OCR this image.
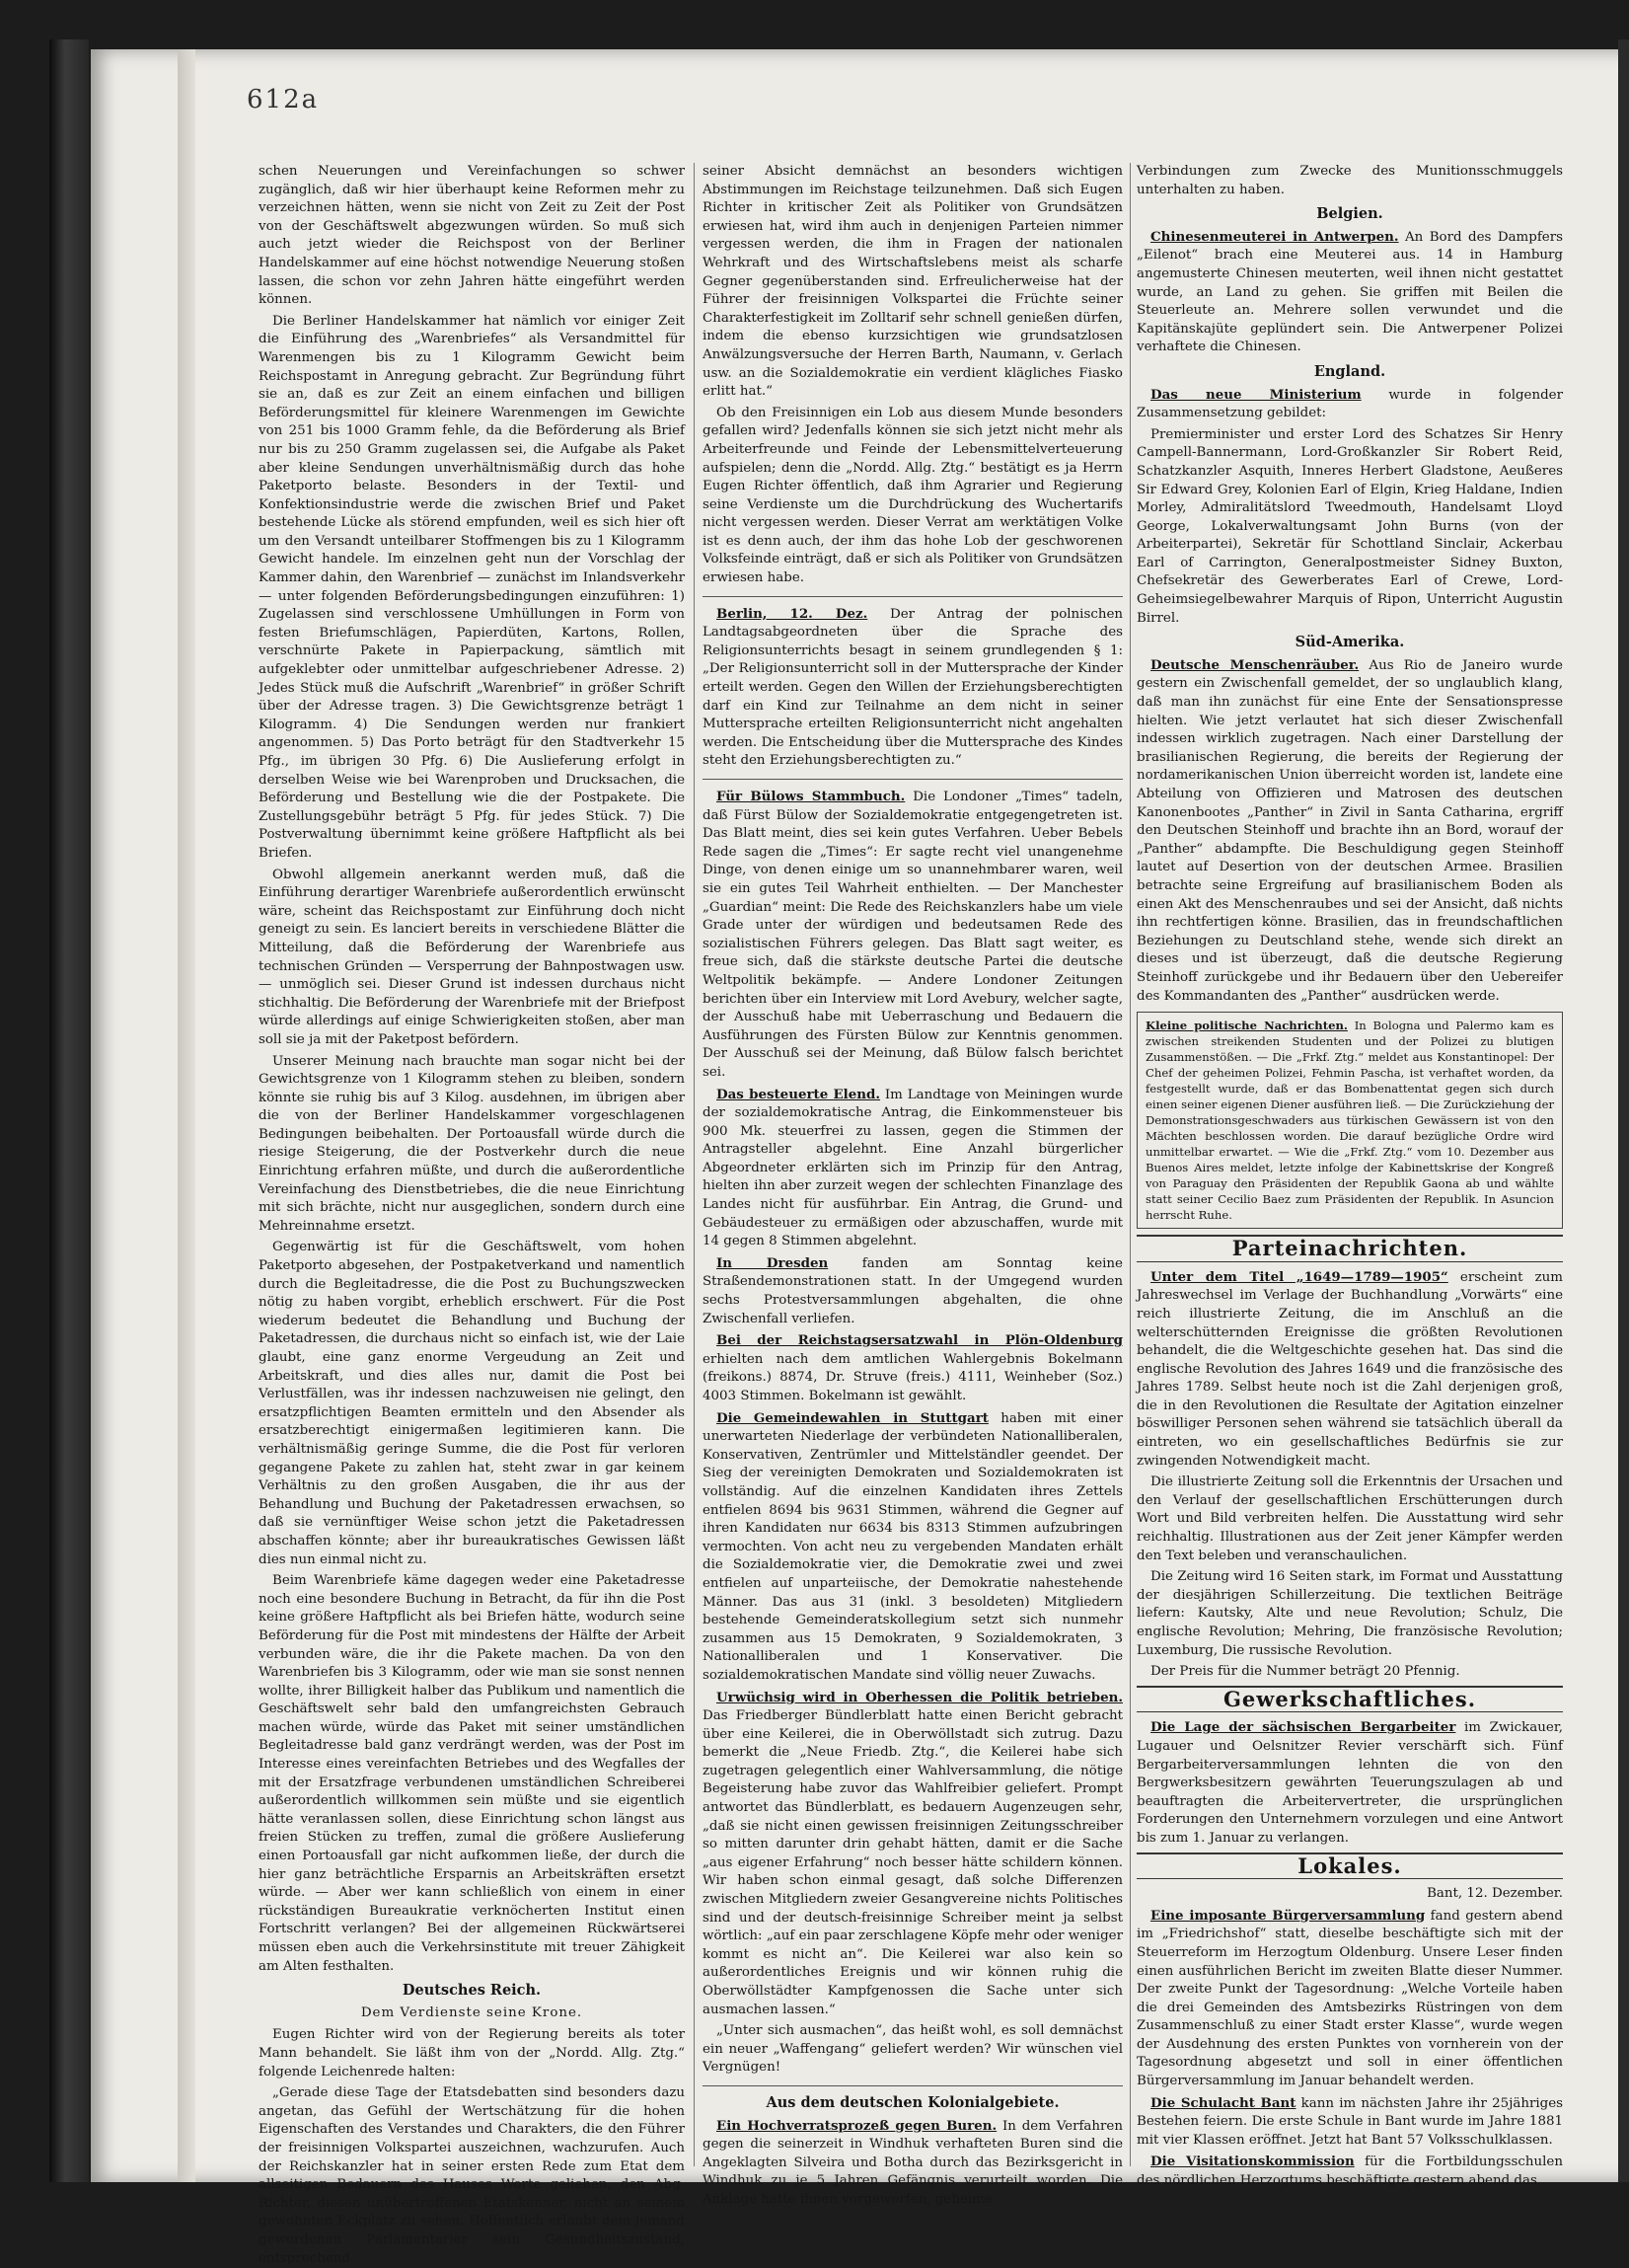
612a

schen Neuerungen und Vereinfachungen so schwer zugänglich, daß wir hier überhaupt keine Reformen mehr zu verzeichnen hätten, wenn sie nicht von Zeit zu Zeit der Post von der Geschäftswelt abgezwungen würden. So muß sich auch jetzt wieder die Reichspost von der Berliner Handelskammer auf eine höchst notwendige Neuerung stoßen lassen, die schon vor zehn Jahren hätte eingeführt werden können.

Die Berliner Handelskammer hat nämlich vor einiger Zeit die Einführung des „Warenbriefes“ als Versandmittel für Warenmengen bis zu 1 Kilogramm Gewicht beim Reichspostamt in Anregung gebracht. Zur Begründung führt sie an, daß es zur Zeit an einem einfachen und billigen Beförderungsmittel für kleinere Warenmengen im Gewichte von 251 bis 1000 Gramm fehle, da die Beförderung als Brief nur bis zu 250 Gramm zugelassen sei, die Aufgabe als Paket aber kleine Sendungen unverhältnismäßig durch das hohe Paketporto belaste. Besonders in der Textil- und Konfektionsindustrie werde die zwischen Brief und Paket bestehende Lücke als störend empfunden, weil es sich hier oft um den Versandt unteilbarer Stoffmengen bis zu 1 Kilogramm Gewicht handele. Im einzelnen geht nun der Vorschlag der Kammer dahin, den Warenbrief — zunächst im Inlandsverkehr — unter folgenden Beförderungsbedingungen einzuführen: 1) Zugelassen sind verschlossene Umhüllungen in Form von festen Briefumschlägen, Papierdüten, Kartons, Rollen, verschnürte Pakete in Papierpackung, sämtlich mit aufgeklebter oder unmittelbar aufgeschriebener Adresse. 2) Jedes Stück muß die Aufschrift „Warenbrief“ in größer Schrift über der Adresse tragen. 3) Die Gewichtsgrenze beträgt 1 Kilogramm. 4) Die Sendungen werden nur frankiert angenommen. 5) Das Porto beträgt für den Stadtverkehr 15 Pfg., im übrigen 30 Pfg. 6) Die Auslieferung erfolgt in derselben Weise wie bei Warenproben und Drucksachen, die Beförderung und Bestellung wie die der Postpakete. Die Zustellungsgebühr beträgt 5 Pfg. für jedes Stück. 7) Die Postverwaltung übernimmt keine größere Haftpflicht als bei Briefen.

Obwohl allgemein anerkannt werden muß, daß die Einführung derartiger Warenbriefe außerordentlich erwünscht wäre, scheint das Reichspostamt zur Einführung doch nicht geneigt zu sein. Es lanciert bereits in verschiedene Blätter die Mitteilung, daß die Beförderung der Warenbriefe aus technischen Gründen — Versperrung der Bahnpostwagen usw. — unmöglich sei. Dieser Grund ist indessen durchaus nicht stichhaltig. Die Beförderung der Warenbriefe mit der Briefpost würde allerdings auf einige Schwierigkeiten stoßen, aber man soll sie ja mit der Paketpost befördern.

Unserer Meinung nach brauchte man sogar nicht bei der Gewichtsgrenze von 1 Kilogramm stehen zu bleiben, sondern könnte sie ruhig bis auf 3 Kilog. ausdehnen, im übrigen aber die von der Berliner Handelskammer vorgeschlagenen Bedingungen beibehalten. Der Portoausfall würde durch die riesige Steigerung, die der Postverkehr durch die neue Einrichtung erfahren müßte, und durch die außerordentliche Vereinfachung des Dienstbetriebes, die die neue Einrichtung mit sich brächte, nicht nur ausgeglichen, sondern durch eine Mehreinnahme ersetzt.

Gegenwärtig ist für die Geschäftswelt, vom hohen Paketporto abgesehen, der Postpaketverkand und namentlich durch die Begleitadresse, die die Post zu Buchungszwecken nötig zu haben vorgibt, erheblich erschwert. Für die Post wiederum bedeutet die Behandlung und Buchung der Paketadressen, die durchaus nicht so einfach ist, wie der Laie glaubt, eine ganz enorme Vergeudung an Zeit und Arbeitskraft, und dies alles nur, damit die Post bei Verlustfällen, was ihr indessen nachzuweisen nie gelingt, den ersatzpflichtigen Beamten ermitteln und den Absender als ersatzberechtigt einigermaßen legitimieren kann. Die verhältnismäßig geringe Summe, die die Post für verloren gegangene Pakete zu zahlen hat, steht zwar in gar keinem Verhältnis zu den großen Ausgaben, die ihr aus der Behandlung und Buchung der Paketadressen erwachsen, so daß sie vernünftiger Weise schon jetzt die Paketadressen abschaffen könnte; aber ihr bureaukratisches Gewissen läßt dies nun einmal nicht zu.

Beim Warenbriefe käme dagegen weder eine Paketadresse noch eine besondere Buchung in Betracht, da für ihn die Post keine größere Haftpflicht als bei Briefen hätte, wodurch seine Beförderung für die Post mit mindestens der Hälfte der Arbeit verbunden wäre, die ihr die Pakete machen. Da von den Warenbriefen bis 3 Kilogramm, oder wie man sie sonst nennen wollte, ihrer Billigkeit halber das Publikum und namentlich die Geschäftswelt sehr bald den umfangreichsten Gebrauch machen würde, würde das Paket mit seiner umständlichen Begleitadresse bald ganz verdrängt werden, was der Post im Interesse eines vereinfachten Betriebes und des Wegfalles der mit der Ersatzfrage verbundenen umständlichen Schreiberei außerordentlich willkommen sein müßte und sie eigentlich hätte veranlassen sollen, diese Einrichtung schon längst aus freien Stücken zu treffen, zumal die größere Auslieferung einen Portoausfall gar nicht aufkommen ließe, der durch die hier ganz beträchtliche Ersparnis an Arbeitskräften ersetzt würde. — Aber wer kann schließlich von einem in einer rückständigen Bureaukratie verknöcherten Institut einen Fortschritt verlangen? Bei der allgemeinen Rückwärtserei müssen eben auch die Verkehrsinstitute mit treuer Zähigkeit am Alten festhalten.

Deutsches Reich.
Dem Verdienste seine Krone.

Eugen Richter wird von der Regierung bereits als toter Mann behandelt. Sie läßt ihm von der „Nordd. Allg. Ztg.“ folgende Leichenrede halten:

„Gerade diese Tage der Etatsdebatten sind besonders dazu angetan, das Gefühl der Wertschätzung für die hohen Eigenschaften des Verstandes und Charakters, die den Führer der freisinnigen Volkspartei auszeichnen, wachzurufen. Auch der Reichskanzler hat in seiner ersten Rede zum Etat dem allseitigen Bedauern des Hauses Worte geliehen, den Abg. Richter, diesen unübertroffenen Etatskenner, nicht an seinem gewohnten Eckplatz zu sehen. Hoffentlich erlaubt dem jemand gewordenen Parlamentarier sein Gesundheitszustand, entsprechend

seiner Absicht demnächst an besonders wichtigen Abstimmungen im Reichstage teilzunehmen. Daß sich Eugen Richter in kritischer Zeit als Politiker von Grundsätzen erwiesen hat, wird ihm auch in denjenigen Parteien nimmer vergessen werden, die ihm in Fragen der nationalen Wehrkraft und des Wirtschaftslebens meist als scharfe Gegner gegenüberstanden sind. Erfreulicherweise hat der Führer der freisinnigen Volkspartei die Früchte seiner Charakterfestigkeit im Zolltarif sehr schnell genießen dürfen, indem die ebenso kurzsichtigen wie grundsatzlosen Anwälzungsversuche der Herren Barth, Naumann, v. Gerlach usw. an die Sozialdemokratie ein verdient klägliches Fiasko erlitt hat.“

Ob den Freisinnigen ein Lob aus diesem Munde besonders gefallen wird? Jedenfalls können sie sich jetzt nicht mehr als Arbeiterfreunde und Feinde der Lebensmittelverteuerung aufspielen; denn die „Nordd. Allg. Ztg.“ bestätigt es ja Herrn Eugen Richter öffentlich, daß ihm Agrarier und Regierung seine Verdienste um die Durchdrückung des Wuchertarifs nicht vergessen werden. Dieser Verrat am werktätigen Volke ist es denn auch, der ihm das hohe Lob der geschworenen Volksfeinde einträgt, daß er sich als Politiker von Grundsätzen erwiesen habe.

Berlin, 12. Dez. Der Antrag der polnischen Landtagsabgeordneten über die Sprache des Religionsunterrichts besagt in seinem grundlegenden § 1: „Der Religionsunterricht soll in der Muttersprache der Kinder erteilt werden. Gegen den Willen der Erziehungsberechtigten darf ein Kind zur Teilnahme an dem nicht in seiner Muttersprache erteilten Religionsunterricht nicht angehalten werden. Die Entscheidung über die Muttersprache des Kindes steht den Erziehungsberechtigten zu.“

Für Bülows Stammbuch. Die Londoner „Times“ tadeln, daß Fürst Bülow der Sozialdemokratie entgegengetreten ist. Das Blatt meint, dies sei kein gutes Verfahren. Ueber Bebels Rede sagen die „Times“: Er sagte recht viel unangenehme Dinge, von denen einige um so unannehmbarer waren, weil sie ein gutes Teil Wahrheit enthielten. — Der Manchester „Guardian“ meint: Die Rede des Reichskanzlers habe um viele Grade unter der würdigen und bedeutsamen Rede des sozialistischen Führers gelegen. Das Blatt sagt weiter, es freue sich, daß die stärkste deutsche Partei die deutsche Weltpolitik bekämpfe. — Andere Londoner Zeitungen berichten über ein Interview mit Lord Avebury, welcher sagte, der Ausschuß habe mit Ueberraschung und Bedauern die Ausführungen des Fürsten Bülow zur Kenntnis genommen. Der Ausschuß sei der Meinung, daß Bülow falsch berichtet sei.

Das besteuerte Elend. Im Landtage von Meiningen wurde der sozialdemokratische Antrag, die Einkommensteuer bis 900 Mk. steuerfrei zu lassen, gegen die Stimmen der Antragsteller abgelehnt. Eine Anzahl bürgerlicher Abgeordneter erklärten sich im Prinzip für den Antrag, hielten ihn aber zurzeit wegen der schlechten Finanzlage des Landes nicht für ausführbar. Ein Antrag, die Grund- und Gebäudesteuer zu ermäßigen oder abzuschaffen, wurde mit 14 gegen 8 Stimmen abgelehnt.

In Dresden fanden am Sonntag keine Straßendemonstrationen statt. In der Umgegend wurden sechs Protestversammlungen abgehalten, die ohne Zwischenfall verliefen.

Bei der Reichstagsersatzwahl in Plön-Oldenburg erhielten nach dem amtlichen Wahlergebnis Bokelmann (freikons.) 8874, Dr. Struve (freis.) 4111, Weinheber (Soz.) 4003 Stimmen. Bokelmann ist gewählt.

Die Gemeindewahlen in Stuttgart haben mit einer unerwarteten Niederlage der verbündeten Nationalliberalen, Konservativen, Zentrümler und Mittelständler geendet. Der Sieg der vereinigten Demokraten und Sozialdemokraten ist vollständig. Auf die einzelnen Kandidaten ihres Zettels entfielen 8694 bis 9631 Stimmen, während die Gegner auf ihren Kandidaten nur 6634 bis 8313 Stimmen aufzubringen vermochten. Von acht neu zu vergebenden Mandaten erhält die Sozialdemokratie vier, die Demokratie zwei und zwei entfielen auf unparteiische, der Demokratie nahestehende Männer. Das aus 31 (inkl. 3 besoldeten) Mitgliedern bestehende Gemeinderatskollegium setzt sich nunmehr zusammen aus 15 Demokraten, 9 Sozialdemokraten, 3 Nationalliberalen und 1 Konservativer. Die sozialdemokratischen Mandate sind völlig neuer Zuwachs.

Urwüchsig wird in Oberhessen die Politik betrieben. Das Friedberger Bündlerblatt hatte einen Bericht gebracht über eine Keilerei, die in Oberwöllstadt sich zutrug. Dazu bemerkt die „Neue Friedb. Ztg.“, die Keilerei habe sich zugetragen gelegentlich einer Wahlversammlung, die nötige Begeisterung habe zuvor das Wahlfreibier geliefert. Prompt antwortet das Bündlerblatt, es bedauern Augenzeugen sehr, „daß sie nicht einen gewissen freisinnigen Zeitungsschreiber so mitten darunter drin gehabt hätten, damit er die Sache „aus eigener Erfahrung“ noch besser hätte schildern können. Wir haben schon einmal gesagt, daß solche Differenzen zwischen Mitgliedern zweier Gesangvereine nichts Politisches sind und der deutsch-freisinnige Schreiber meint ja selbst wörtlich: „auf ein paar zerschlagene Köpfe mehr oder weniger kommt es nicht an“. Die Keilerei war also kein so außerordentliches Ereignis und wir können ruhig die Oberwöllstädter Kampfgenossen die Sache unter sich ausmachen lassen.“

„Unter sich ausmachen“, das heißt wohl, es soll demnächst ein neuer „Waffengang“ geliefert werden? Wir wünschen viel Vergnügen!

Aus dem deutschen Kolonialgebiete.

Ein Hochverratsprozeß gegen Buren. In dem Verfahren gegen die seinerzeit in Windhuk verhafteten Buren sind die Angeklagten Silveira und Botha durch das Bezirksgericht in Windhuk zu je 5 Jahren Gefängnis verurteilt worden. Die Anklage hatte ihnen vorgeworfen, geheime

Verbindungen zum Zwecke des Munitionsschmuggels unterhalten zu haben.

Belgien.

Chinesenmeuterei in Antwerpen. An Bord des Dampfers „Eilenot“ brach eine Meuterei aus. 14 in Hamburg angemusterte Chinesen meuterten, weil ihnen nicht gestattet wurde, an Land zu gehen. Sie griffen mit Beilen die Steuerleute an. Mehrere sollen verwundet und die Kapitänskajüte geplündert sein. Die Antwerpener Polizei verhaftete die Chinesen.

England.

Das neue Ministerium wurde in folgender Zusammensetzung gebildet:

Premierminister und erster Lord des Schatzes Sir Henry Campell-Bannermann, Lord-Großkanzler Sir Robert Reid, Schatzkanzler Asquith, Inneres Herbert Gladstone, Aeußeres Sir Edward Grey, Kolonien Earl of Elgin, Krieg Haldane, Indien Morley, Admiralitätslord Tweedmouth, Handelsamt Lloyd George, Lokalverwaltungsamt John Burns (von der Arbeiterpartei), Sekretär für Schottland Sinclair, Ackerbau Earl of Carrington, Generalpostmeister Sidney Buxton, Chefsekretär des Gewerberates Earl of Crewe, Lord-Geheimsiegelbewahrer Marquis of Ripon, Unterricht Augustin Birrel.

Süd-Amerika.

Deutsche Menschenräuber. Aus Rio de Janeiro wurde gestern ein Zwischenfall gemeldet, der so unglaublich klang, daß man ihn zunächst für eine Ente der Sensationspresse hielten. Wie jetzt verlautet hat sich dieser Zwischenfall indessen wirklich zugetragen. Nach einer Darstellung der brasilianischen Regierung, die bereits der Regierung der nordamerikanischen Union überreicht worden ist, landete eine Abteilung von Offizieren und Matrosen des deutschen Kanonenbootes „Panther“ in Zivil in Santa Catharina, ergriff den Deutschen Steinhoff und brachte ihn an Bord, worauf der „Panther“ abdampfte. Die Beschuldigung gegen Steinhoff lautet auf Desertion von der deutschen Armee. Brasilien betrachte seine Ergreifung auf brasilianischem Boden als einen Akt des Menschenraubes und sei der Ansicht, daß nichts ihn rechtfertigen könne. Brasilien, das in freundschaftlichen Beziehungen zu Deutschland stehe, wende sich direkt an dieses und ist überzeugt, daß die deutsche Regierung Steinhoff zurückgebe und ihr Bedauern über den Uebereifer des Kommandanten des „Panther“ ausdrücken werde.

Kleine politische Nachrichten. In Bologna und Palermo kam es zwischen streikenden Studenten und der Polizei zu blutigen Zusammenstößen. — Die „Frkf. Ztg.“ meldet aus Konstantinopel: Der Chef der geheimen Polizei, Fehmin Pascha, ist verhaftet worden, da festgestellt wurde, daß er das Bombenattentat gegen sich durch einen seiner eigenen Diener ausführen ließ. — Die Zurückziehung der Demonstrationsgeschwaders aus türkischen Gewässern ist von den Mächten beschlossen worden. Die darauf bezügliche Ordre wird unmittelbar erwartet. — Wie die „Frkf. Ztg.“ vom 10. Dezember aus Buenos Aires meldet, letzte infolge der Kabinettskrise der Kongreß von Paraguay den Präsidenten der Republik Gaona ab und wählte statt seiner Cecilio Baez zum Präsidenten der Republik. In Asuncion herrscht Ruhe.
Parteinachrichten.

Unter dem Titel „1649—1789—1905“ erscheint zum Jahreswechsel im Verlage der Buchhandlung „Vorwärts“ eine reich illustrierte Zeitung, die im Anschluß an die welterschütternden Ereignisse die größten Revolutionen behandelt, die die Weltgeschichte gesehen hat. Das sind die englische Revolution des Jahres 1649 und die französische des Jahres 1789. Selbst heute noch ist die Zahl derjenigen groß, die in den Revolutionen die Resultate der Agitation einzelner böswilliger Personen sehen während sie tatsächlich überall da eintreten, wo ein gesellschaftliches Bedürfnis sie zur zwingenden Notwendigkeit macht.

Die illustrierte Zeitung soll die Erkenntnis der Ursachen und den Verlauf der gesellschaftlichen Erschütterungen durch Wort und Bild verbreiten helfen. Die Ausstattung wird sehr reichhaltig. Illustrationen aus der Zeit jener Kämpfer werden den Text beleben und veranschaulichen.

Die Zeitung wird 16 Seiten stark, im Format und Ausstattung der diesjährigen Schillerzeitung. Die textlichen Beiträge liefern: Kautsky, Alte und neue Revolution; Schulz, Die englische Revolution; Mehring, Die französische Revolution; Luxemburg, Die russische Revolution.

Der Preis für die Nummer beträgt 20 Pfennig.

Gewerkschaftliches.

Die Lage der sächsischen Bergarbeiter im Zwickauer, Lugauer und Oelsnitzer Revier verschärft sich. Fünf Bergarbeiterversammlungen lehnten die von den Bergwerksbesitzern gewährten Teuerungszulagen ab und beauftragten die Arbeitervertreter, die ursprünglichen Forderungen den Unternehmern vorzulegen und eine Antwort bis zum 1. Januar zu verlangen.

Lokales.

Bant, 12. Dezember.

Eine imposante Bürgerversammlung fand gestern abend im „Friedrichshof“ statt, dieselbe beschäftigte sich mit der Steuerreform im Herzogtum Oldenburg. Unsere Leser finden einen ausführlichen Bericht im zweiten Blatte dieser Nummer. Der zweite Punkt der Tagesordnung: „Welche Vorteile haben die drei Gemeinden des Amtsbezirks Rüstringen von dem Zusammenschluß zu einer Stadt erster Klasse“, wurde wegen der Ausdehnung des ersten Punktes von vornherein von der Tagesordnung abgesetzt und soll in einer öffentlichen Bürgerversammlung im Januar behandelt werden.

Die Schulacht Bant kann im nächsten Jahre ihr 25jähriges Bestehen feiern. Die erste Schule in Bant wurde im Jahre 1881 mit vier Klassen eröffnet. Jetzt hat Bant 57 Volksschulklassen.

Die Visitationskommission für die Fortbildungsschulen des nördlichen Herzogtums beschäftigte gestern abend das
